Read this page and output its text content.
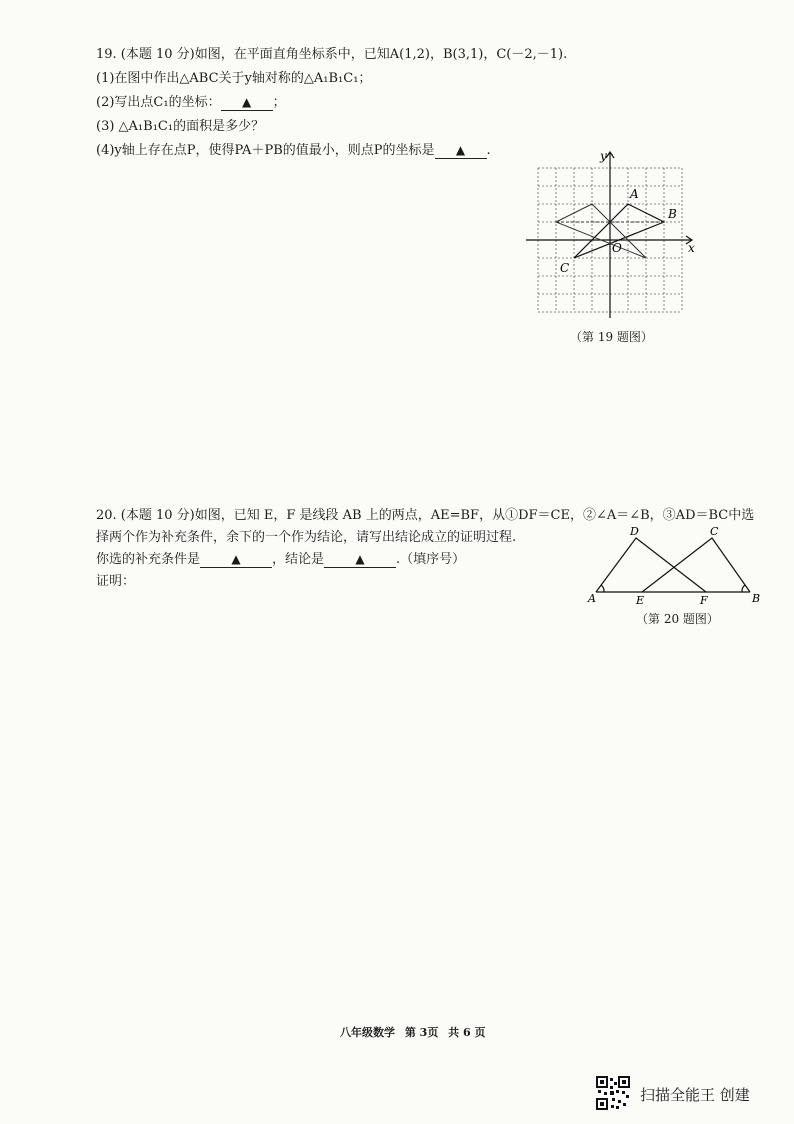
19. (本题 10 分)如图，在平面直角坐标系中，已知A(1,2)，B(3,1)，C(－2,－1).
(1)在图中作出△ABC关于y轴对称的△A₁B₁C₁；
(2)写出点C₁的坐标： ▲ ；
(3) △A₁B₁C₁的面积是多少？
(4)y轴上存在点P，使得PA＋PB的值最小，则点P的坐标是 ▲ .
x
y
O
A
B
C
（第 19 题图）
20. (本题 10 分)如图，已知 E，F 是线段 AB 上的两点，AE=BF，从①DF＝CE，②∠A＝∠B，③AD＝BC中选
择两个作为补充条件，余下的一个作为结论，请写出结论成立的证明过程.
你选的补充条件是	▲ ，结论是	▲ .（填序号）
证明：
A	B
C
D
E	F
（第 20 题图）
八年级数学 第 3页 共 6 页
扫描全能王 创建
